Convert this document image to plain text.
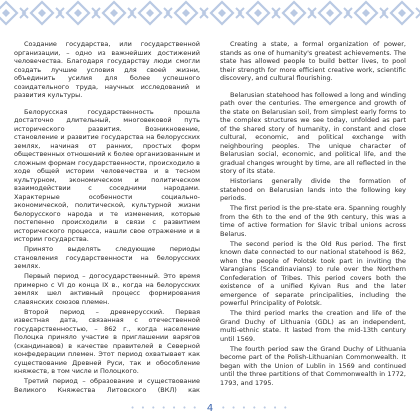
Создание государства, или государственной организации, – одно из важнейших достижений человечества. Благодаря государству люди смогли создать лучшие условия для своей жизни, объединить усилия для более успешного созидательного труда, научных исследований и развития культуры.

Белорусская государственность прошла достаточно длительный, многовековой путь исторического развития. Возникновение, становление и развитие государства на белорусских землях, начиная от ранних, простых форм общественных отношений к более организованным и сложным формам государственности, происходило в ходе общей истории человечества и в тесном культурном, экономическом и политическом взаимодействии с соседними народами. Характерные особенности социально-экономической, политической, культурной жизни белорусского народа и те изменения, которые постепенно происходили в связи с развитием исторического процесса, нашли свое отражение и в истории государства.

Принято выделять следующие периоды становления государственности на белорусских землях.

Первый период – догосударственный. Это время примерно с VI до конца IX в., когда на белорусских землях шел активный процесс формирования славянских союзов племен.

Второй период – древнерусский. Первая известная дата, связанная с отечественной государственностью, – 862 г., когда население Полоцка приняло участие в приглашении варягов (скандинавов) в качестве правителей в Северной конфедерации племен. Этот период охватывает как существование Древней Руси, так и обособление княжеств, в том числе и Полоцкого.

Третий период – образование и существование Великого Княжества Литовского (ВКЛ) как

Creating a state, a formal organization of power, stands as one of humanity's greatest achievements. The state has allowed people to build better lives, to pool their strength for more efficient creative work, scientific discovery, and cultural flourishing.

Belarusian statehood has followed a long and winding path over the centuries. The emergence and growth of the state on Belarusian soil, from simplest early forms to the complex structures we see today, unfolded as part of the shared story of humanity, in constant and close cultural, economic, and political exchange with neighbouring peoples. The unique character of Belarusian social, economic, and political life, and the gradual changes wrought by time, are all reflected in the story of its state.

Historians generally divide the formation of statehood on Belarusian lands into the following key periods.

The first period is the pre-state era. Spanning roughly from the 6th to the end of the 9th century, this was a time of active formation for Slavic tribal unions across Belarus.

The second period is the Old Rus period. The first known date connected to our national statehood is 862, when the people of Polotsk took part in inviting the Varangians (Scandinavians) to rule over the Northern Confederation of Tribes. This period covers both the existence of a unified Kyivan Rus and the later emergence of separate principalities, including the powerful Principality of Polotsk.

The third period marks the creation and life of the Grand Duchy of Lithuania (GDL) as an independent, multi-ethnic state. It lasted from the mid-13th century until 1569.

The fourth period saw the Grand Duchy of Lithuania become part of the Polish-Lithuanian Commonwealth. It began with the Union of Lublin in 1569 and continued until the three partitions of that Commonwealth in 1772, 1793, and 1795.

• • • • • • • 4 • • • • • • •
